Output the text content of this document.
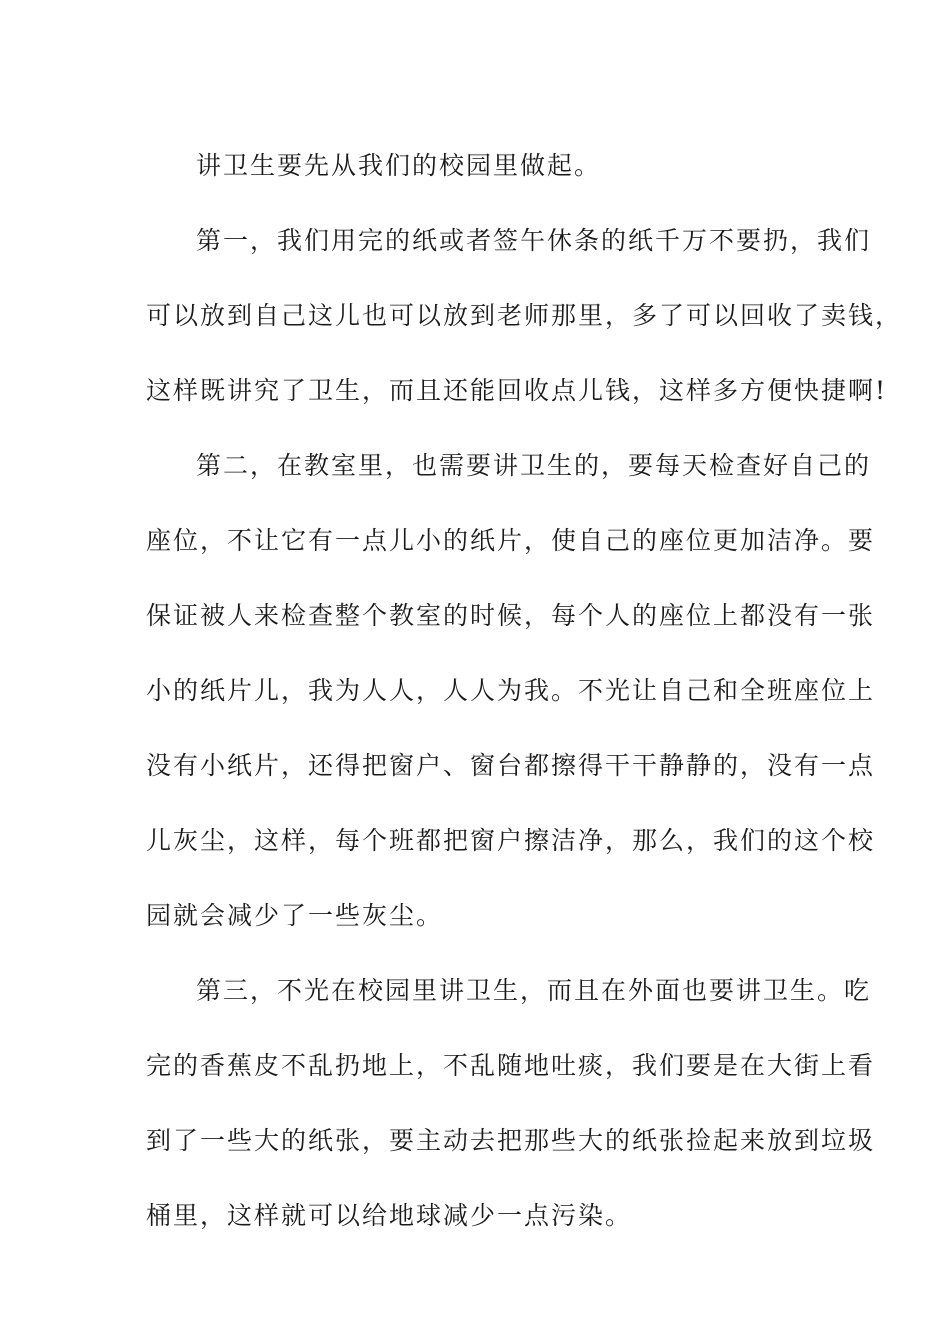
讲卫生要先从我们的校园里做起。
第一，我们用完的纸或者签午休条的纸千万不要扔，我们
可以放到自己这儿也可以放到老师那里，多了可以回收了卖钱，
这样既讲究了卫生，而且还能回收点儿钱，这样多方便快捷啊!
第二，在教室里，也需要讲卫生的，要每天检查好自己的
座位，不让它有一点儿小的纸片，使自己的座位更加洁净。要
保证被人来检查整个教室的时候，每个人的座位上都没有一张
小的纸片儿，我为人人，人人为我。不光让自己和全班座位上
没有小纸片，还得把窗户、窗台都擦得干干静静的，没有一点
儿灰尘，这样，每个班都把窗户擦洁净，那么，我们的这个校
园就会减少了一些灰尘。
第三，不光在校园里讲卫生，而且在外面也要讲卫生。吃
完的香蕉皮不乱扔地上，不乱随地吐痰，我们要是在大街上看
到了一些大的纸张，要主动去把那些大的纸张捡起来放到垃圾
桶里，这样就可以给地球减少一点污染。
